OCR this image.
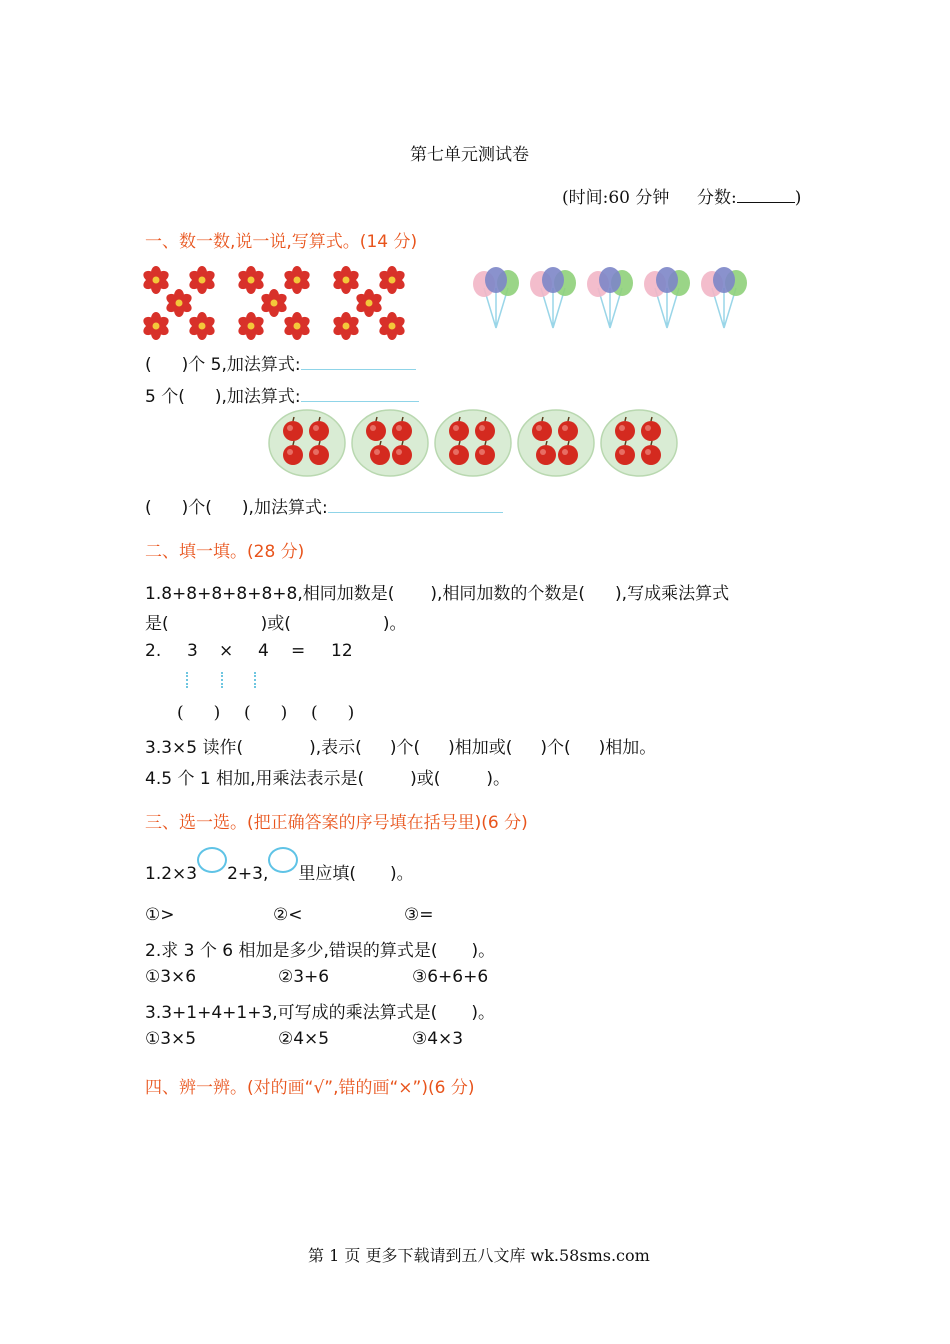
第七单元测试卷
(时间:60 分钟 分数:	)
一、数一数,说一说,写算式。(14 分)
( )个 5,加法算式:
5 个( ),加法算式:
( )个( ),加法算式:
二、填一填。(28 分)
1.8+8+8+8+8+8,相同加数是( ),相同加数的个数是( ),写成乘法算式
是(	)或(	)。
2. 3 × 4 = 12
( ) ( ) ( )
3.3×5 读作(	),表示( )个( )相加或( )个( )相加。
4.5 个 1 相加,用乘法表示是(	)或(	)。
三、选一选。(把正确答案的序号填在括号里)(6 分)
1.2×3 2+3, 里应填( )。
①>	②<	③=
2.求 3 个 6 相加是多少,错误的算式是( )。
①3×6	②3+6	③6+6+6
3.3+1+4+1+3,可写成的乘法算式是( )。
①3×5	②4×5	③4×3
四、辨一辨。(对的画“√”,错的画“×”)(6 分)
第 1 页 更多下载请到五八文库 wk.58sms.com
